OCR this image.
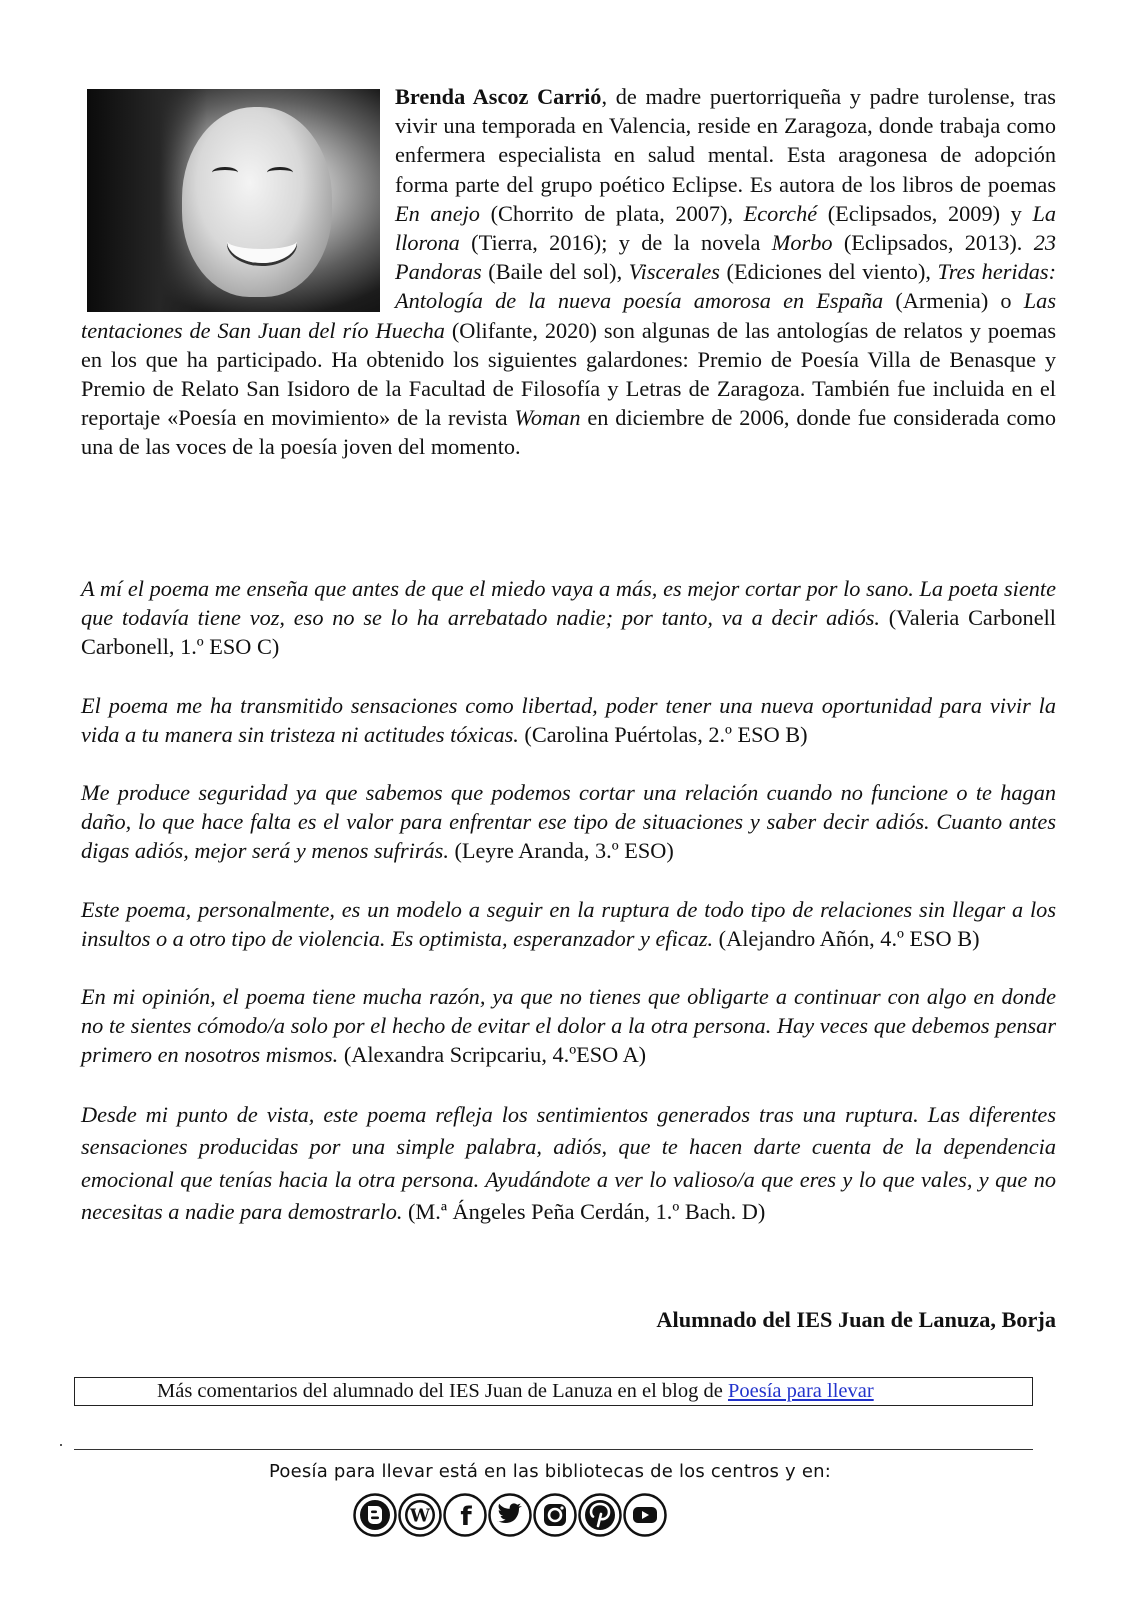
Brenda Ascoz Carrió, de madre puertorriqueña y padre turolense, tras vivir una temporada en Valencia, reside en Zaragoza, donde trabaja como enfermera especialista en salud mental. Esta aragonesa de adopción forma parte del grupo poético Eclipse. Es autora de los libros de poemas En anejo (Chorrito de plata, 2007), Ecorché (Eclipsados, 2009) y La llorona (Tierra, 2016); y de la novela Morbo (Eclipsados, 2013). 23 Pandoras (Baile del sol), Viscerales (Ediciones del viento), Tres heridas: Antología de la nueva poesía amorosa en España (Armenia) o Las tentaciones de San Juan del río Huecha (Olifante, 2020) son algunas de las antologías de relatos y poemas en los que ha participado. Ha obtenido los siguientes galardones: Premio de Poesía Villa de Benasque y Premio de Relato San Isidoro de la Facultad de Filosofía y Letras de Zaragoza. También fue incluida en el reportaje «Poesía en movimiento» de la revista Woman en diciembre de 2006, donde fue considerada como una de las voces de la poesía joven del momento.

A mí el poema me enseña que antes de que el miedo vaya a más, es mejor cortar por lo sano. La poeta siente que todavía tiene voz, eso no se lo ha arrebatado nadie; por tanto, va a decir adiós. (Valeria Carbonell Carbonell, 1.º ESO C)

El poema me ha transmitido sensaciones como libertad, poder tener una nueva oportunidad para vivir la vida a tu manera sin tristeza ni actitudes tóxicas. (Carolina Puértolas, 2.º ESO B)

Me produce seguridad ya que sabemos que podemos cortar una relación cuando no funcione o te hagan daño, lo que hace falta es el valor para enfrentar ese tipo de situaciones y saber decir adiós. Cuanto antes digas adiós, mejor será y menos sufrirás. (Leyre Aranda, 3.º ESO)

Este poema, personalmente, es un modelo a seguir en la ruptura de todo tipo de relaciones sin llegar a los insultos o a otro tipo de violencia. Es optimista, esperanzador y eficaz. (Alejandro Añón, 4.º ESO B)

En mi opinión, el poema tiene mucha razón, ya que no tienes que obligarte a continuar con algo en donde no te sientes cómodo/a solo por el hecho de evitar el dolor a la otra persona. Hay veces que debemos pensar primero en nosotros mismos. (Alexandra Scripcariu, 4.ºESO A)

Desde mi punto de vista, este poema refleja los sentimientos generados tras una ruptura. Las diferentes sensaciones producidas por una simple palabra, adiós, que te hacen darte cuenta de la dependencia emocional que tenías hacia la otra persona. Ayudándote a ver lo valioso/a que eres y lo que vales, y que no necesitas a nadie para demostrarlo. (M.ª Ángeles Peña Cerdán, 1.º Bach. D)

Alumnado del IES Juan de Lanuza, Borja
Más comentarios del alumnado del IES Juan de Lanuza en el blog de Poesía para llevar
Poesía para llevar está en las bibliotecas de los centros y en:
W f
